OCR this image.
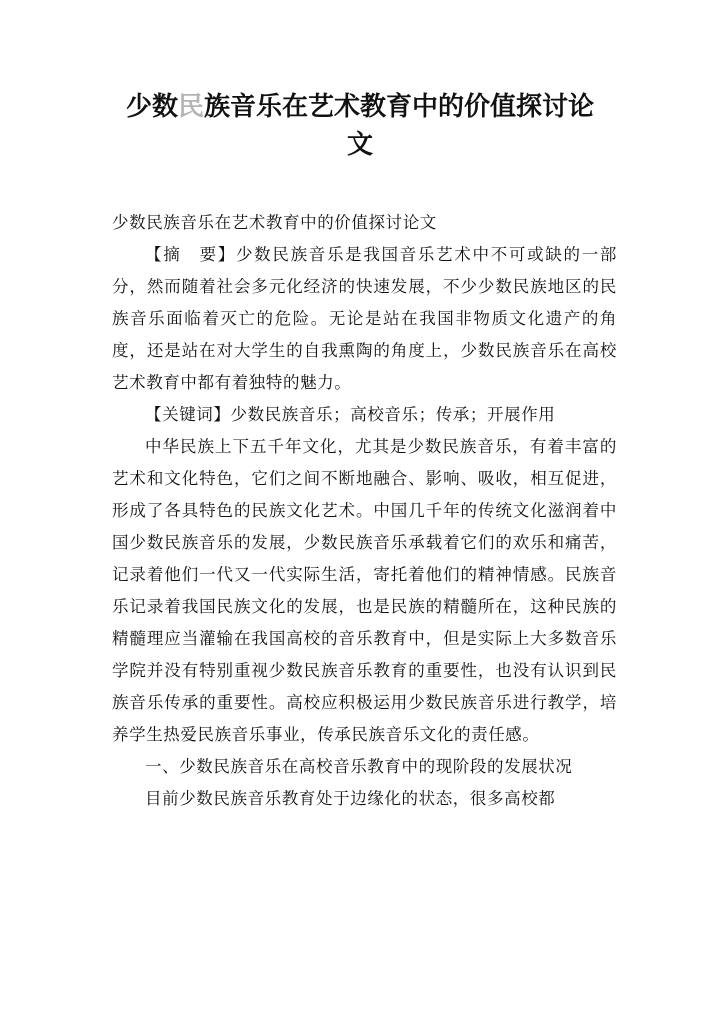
少数民族音乐在艺术教育中的价值探讨论
文

少数民族音乐在艺术教育中的价值探讨论文

【摘　要】少数民族音乐是我国音乐艺术中不可或缺的一部分，然而随着社会多元化经济的快速发展，不少少数民族地区的民族音乐面临着灭亡的危险。无论是站在我国非物质文化遗产的角度，还是站在对大学生的自我熏陶的角度上，少数民族音乐在高校艺术教育中都有着独特的魅力。

【关键词】少数民族音乐；高校音乐；传承；开展作用

中华民族上下五千年文化，尤其是少数民族音乐，有着丰富的艺术和文化特色，它们之间不断地融合、影响、吸收，相互促进，形成了各具特色的民族文化艺术。中国几千年的传统文化滋润着中国少数民族音乐的发展，少数民族音乐承载着它们的欢乐和痛苦，记录着他们一代又一代实际生活，寄托着他们的精神情感。民族音乐记录着我国民族文化的发展，也是民族的精髓所在，这种民族的精髓理应当灌输在我国高校的音乐教育中，但是实际上大多数音乐学院并没有特别重视少数民族音乐教育的重要性，也没有认识到民族音乐传承的重要性。高校应积极运用少数民族音乐进行教学，培养学生热爱民族音乐事业，传承民族音乐文化的责任感。

一、少数民族音乐在高校音乐教育中的现阶段的发展状况

目前少数民族音乐教育处于边缘化的状态，很多高校都
